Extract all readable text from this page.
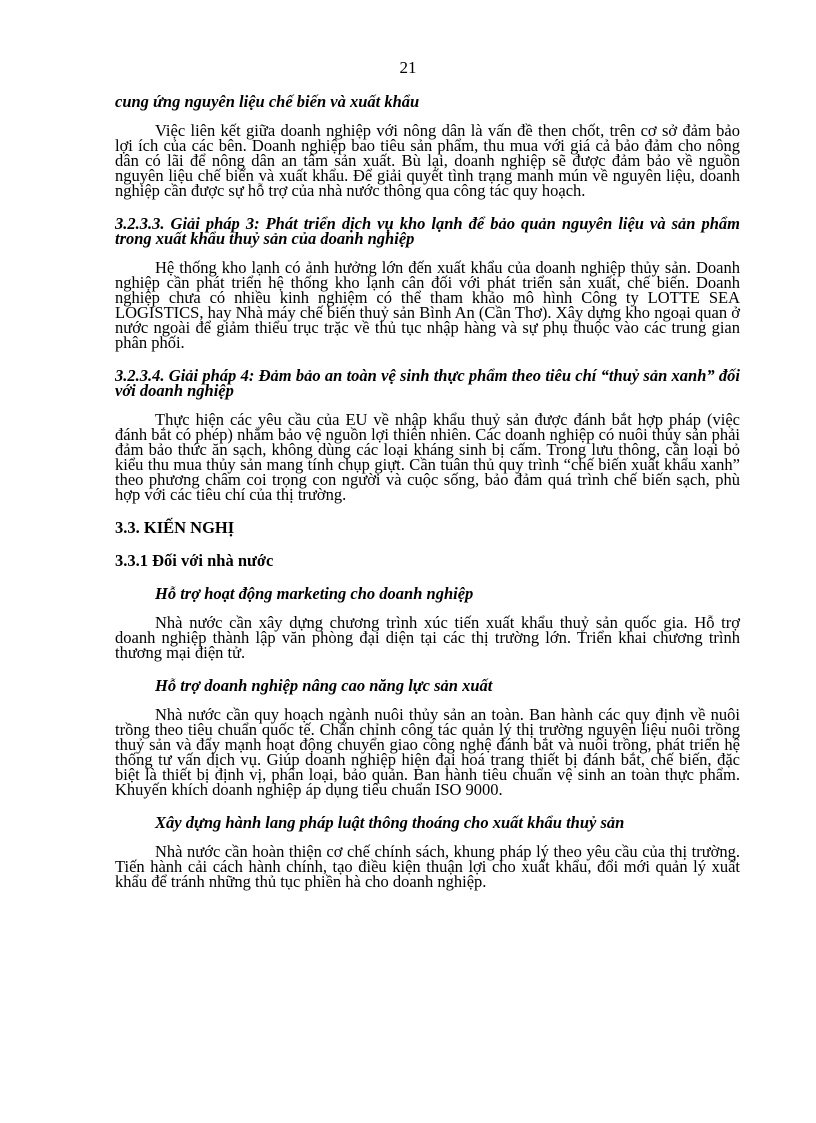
21

cung ứng nguyên liệu chế biến và xuất khẩu

Việc liên kết giữa doanh nghiệp với nông dân là vấn đề then chốt, trên cơ sở đảm bảo lợi ích của các bên. Doanh nghiệp bao tiêu sản phẩm, thu mua với giá cả bảo đảm cho nông dân có lãi để nông dân an tâm sản xuất. Bù lại, doanh nghiệp sẽ được đảm bảo về nguồn nguyên liệu chế biến và xuất khẩu. Để giải quyết tình trạng manh mún về nguyên liệu, doanh nghiệp cần được sự hỗ trợ của nhà nước thông qua công tác quy hoạch.

3.2.3.3. Giải pháp 3: Phát triển dịch vụ kho lạnh để bảo quản nguyên liệu và sản phẩm trong xuất khẩu thuỷ sản của doanh nghiệp

Hệ thống kho lạnh có ảnh hưởng lớn đến xuất khẩu của doanh nghiệp thủy sản. Doanh nghiệp cần phát triển hệ thống kho lạnh cân đối với phát triển sản xuất, chế biến. Doanh nghiệp chưa có nhiều kinh nghiệm có thể tham khảo mô hình Công ty LOTTE SEA LOGISTICS, hay Nhà máy chế biến thuỷ sản Bình An (Cần Thơ). Xây dựng kho ngoại quan ở nước ngoài để giảm thiểu trục trặc về thủ tục nhập hàng và sự phụ thuộc vào các trung gian phân phối.

3.2.3.4. Giải pháp 4: Đảm bảo an toàn vệ sinh thực phẩm theo tiêu chí “thuỷ sản xanh” đối với doanh nghiệp

Thực hiện các yêu cầu của EU về nhập khẩu thuỷ sản được đánh bắt hợp pháp (việc đánh bắt có phép) nhằm bảo vệ nguồn lợi thiên nhiên. Các doanh nghiệp có nuôi thủy sản phải đảm bảo thức ăn sạch, không dùng các loại kháng sinh bị cấm. Trong lưu thông, cần loại bỏ kiểu thu mua thủy sản mang tính chụp giựt. Cần tuân thủ quy trình “chế biến xuất khẩu xanh” theo phương châm coi trọng con người và cuộc sống, bảo đảm quá trình chế biến sạch, phù hợp với các tiêu chí của thị trường.

3.3. KIẾN NGHỊ

3.3.1 Đối với nhà nước

Hỗ trợ hoạt động marketing cho doanh nghiệp

Nhà nước cần xây dựng chương trình xúc tiến xuất khẩu thuỷ sản quốc gia. Hỗ trợ doanh nghiệp thành lập văn phòng đại diện tại các thị trường lớn. Triển khai chương trình thương mại điện tử.

Hỗ trợ doanh nghiệp nâng cao năng lực sản xuất

Nhà nước cần quy hoạch ngành nuôi thủy sản an toàn. Ban hành các quy định về nuôi trồng theo tiêu chuẩn quốc tế. Chấn chỉnh công tác quản lý thị trường nguyên liệu nuôi trồng thuỷ sản và đẩy mạnh hoạt động chuyển giao công nghệ đánh bắt và nuôi trồng, phát triển hệ thống tư vấn dịch vụ. Giúp doanh nghiệp hiện đại hoá trang thiết bị đánh bắt, chế biến, đặc biệt là thiết bị định vị, phân loại, bảo quản. Ban hành tiêu chuẩn vệ sinh an toàn thực phẩm. Khuyến khích doanh nghiệp áp dụng tiêu chuẩn ISO 9000.

Xây dựng hành lang pháp luật thông thoáng cho xuất khẩu thuỷ sản

Nhà nước cần hoàn thiện cơ chế chính sách, khung pháp lý theo yêu cầu của thị trường. Tiến hành cải cách hành chính, tạo điều kiện thuận lợi cho xuất khẩu, đổi mới quản lý xuất khẩu để tránh những thủ tục phiền hà cho doanh nghiệp.
